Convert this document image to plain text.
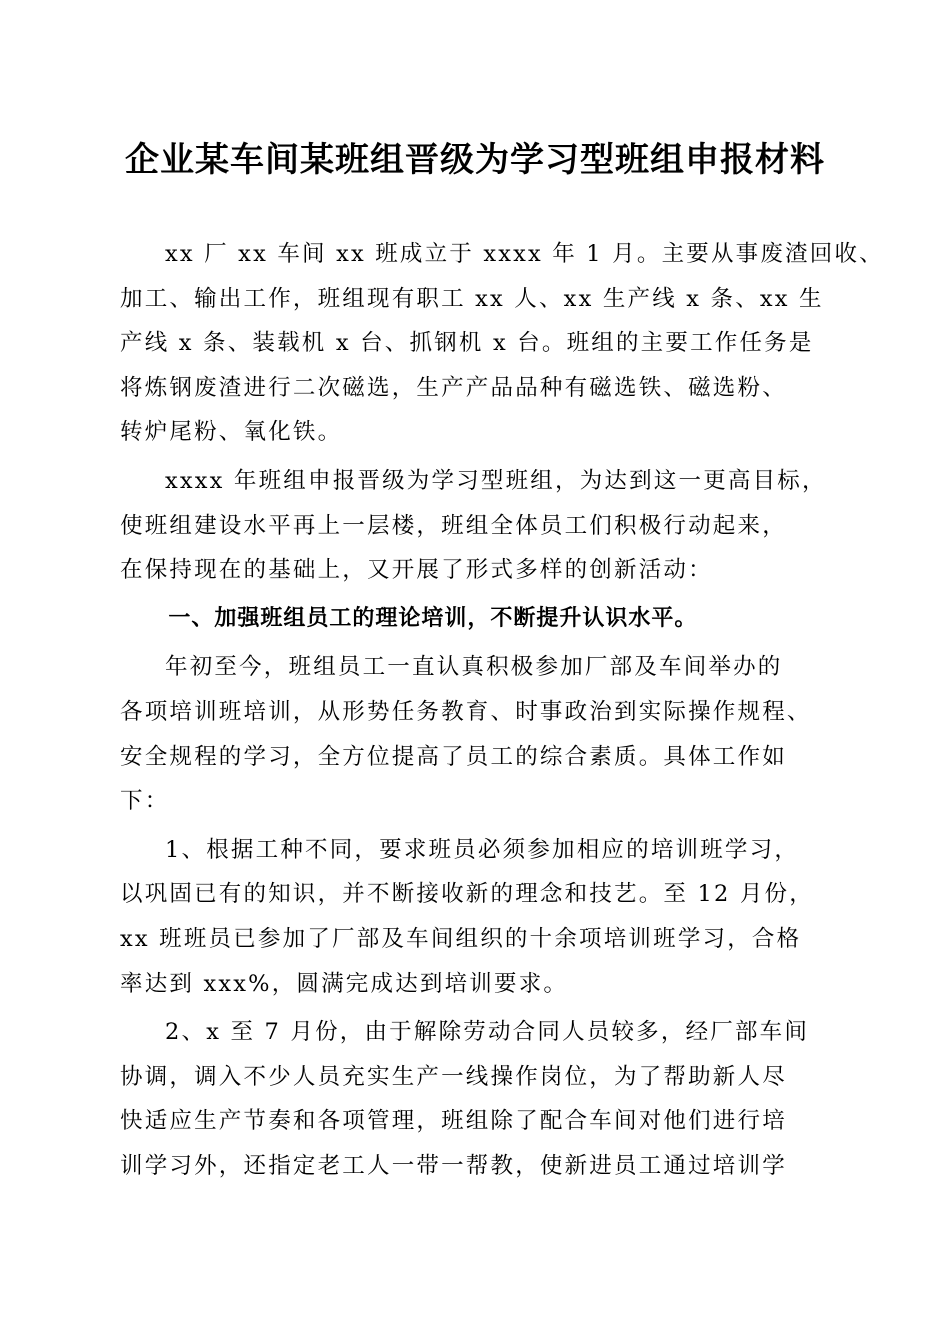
企业某车间某班组晋级为学习型班组申报材料

xx 厂 xx 车间 xx 班成立于 xxxx 年 1 月。主要从事废渣回收、
加工、输出工作，班组现有职工 xx 人、xx 生产线 x 条、xx 生
产线 x 条、装载机 x 台、抓钢机 x 台。班组的主要工作任务是
将炼钢废渣进行二次磁选，生产产品品种有磁选铁、磁选粉、
转炉尾粉、氧化铁。

xxxx 年班组申报晋级为学习型班组，为达到这一更高目标，
使班组建设水平再上一层楼，班组全体员工们积极行动起来，
在保持现在的基础上，又开展了形式多样的创新活动：

一、加强班组员工的理论培训，不断提升认识水平。

年初至今，班组员工一直认真积极参加厂部及车间举办的
各项培训班培训，从形势任务教育、时事政治到实际操作规程、
安全规程的学习，全方位提高了员工的综合素质。具体工作如
下：

1、根据工种不同，要求班员必须参加相应的培训班学习，
以巩固已有的知识，并不断接收新的理念和技艺。至 12 月份，
xx 班班员已参加了厂部及车间组织的十余项培训班学习，合格
率达到 xxx%，圆满完成达到培训要求。

2、x 至 7 月份，由于解除劳动合同人员较多，经厂部车间
协调，调入不少人员充实生产一线操作岗位，为了帮助新人尽
快适应生产节奏和各项管理，班组除了配合车间对他们进行培
训学习外，还指定老工人一带一帮教，使新进员工通过培训学
